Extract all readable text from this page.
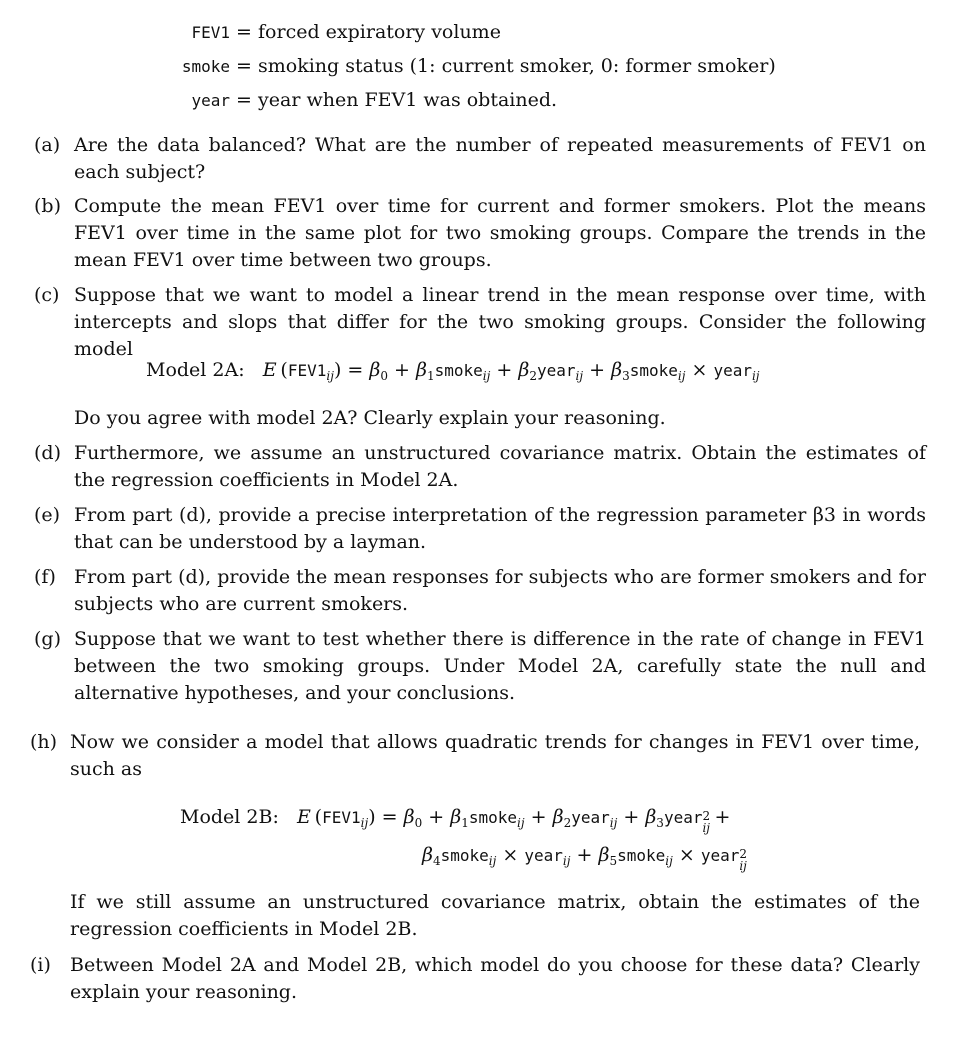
FEV1 = forced expiratory volume
smoke = smoking status (1: current smoker, 0: former smoker)
year = year when FEV1 was obtained.
(a) Are the data balanced? What are the number of repeated measurements of FEV1 on each subject?
(b) Compute the mean FEV1 over time for current and former smokers. Plot the means FEV1 over time in the same plot for two smoking groups. Compare the trends in the mean FEV1 over time between two groups.
(c) Suppose that we want to model a linear trend in the mean response over time, with intercepts and slops that differ for the two smoking groups. Consider the following model
Model 2A: E $(FEV1_{ij}) = \beta_0$ + $\beta_1smoke_{ij}$ + $\beta_2year_{ij}$ + $\beta_3smoke_{ij}$ × year$_{ij}$
Do you agree with model 2A? Clearly explain your reasoning.
(d) Furthermore, we assume an unstructured covariance matrix. Obtain the estimates of the regression coefficients in Model 2A.
(e) From part (d), provide a precise interpretation of the regression parameter β3 in words that can be understood by a layman.
(f) From part (d), provide the mean responses for subjects who are former smokers and for subjects who are current smokers.
(g) Suppose that we want to test whether there is difference in the rate of change in FEV1 between the two smoking groups. Under Model 2A, carefully state the null and alternative hypotheses, and your conclusions.
(h) Now we consider a model that allows quadratic trends for changes in FEV1 over time, such as
Model 2B: E $(FEV1_{ij}) = \beta_0$ + $\beta_1smoke_{ij}$ + $\beta_2year_{ij}$ + $\beta_3year$ 2
ij +
$\beta_4smoke_{ij}$ × year$_{ij}$ + $\beta_5smoke_{ij}$ × year 2
ij
If we still assume an unstructured covariance matrix, obtain the estimates of the regression coefficients in Model 2B.
(i)	Between Model 2A and Model 2B, which model do you choose for these data? Clearly explain your reasoning.
